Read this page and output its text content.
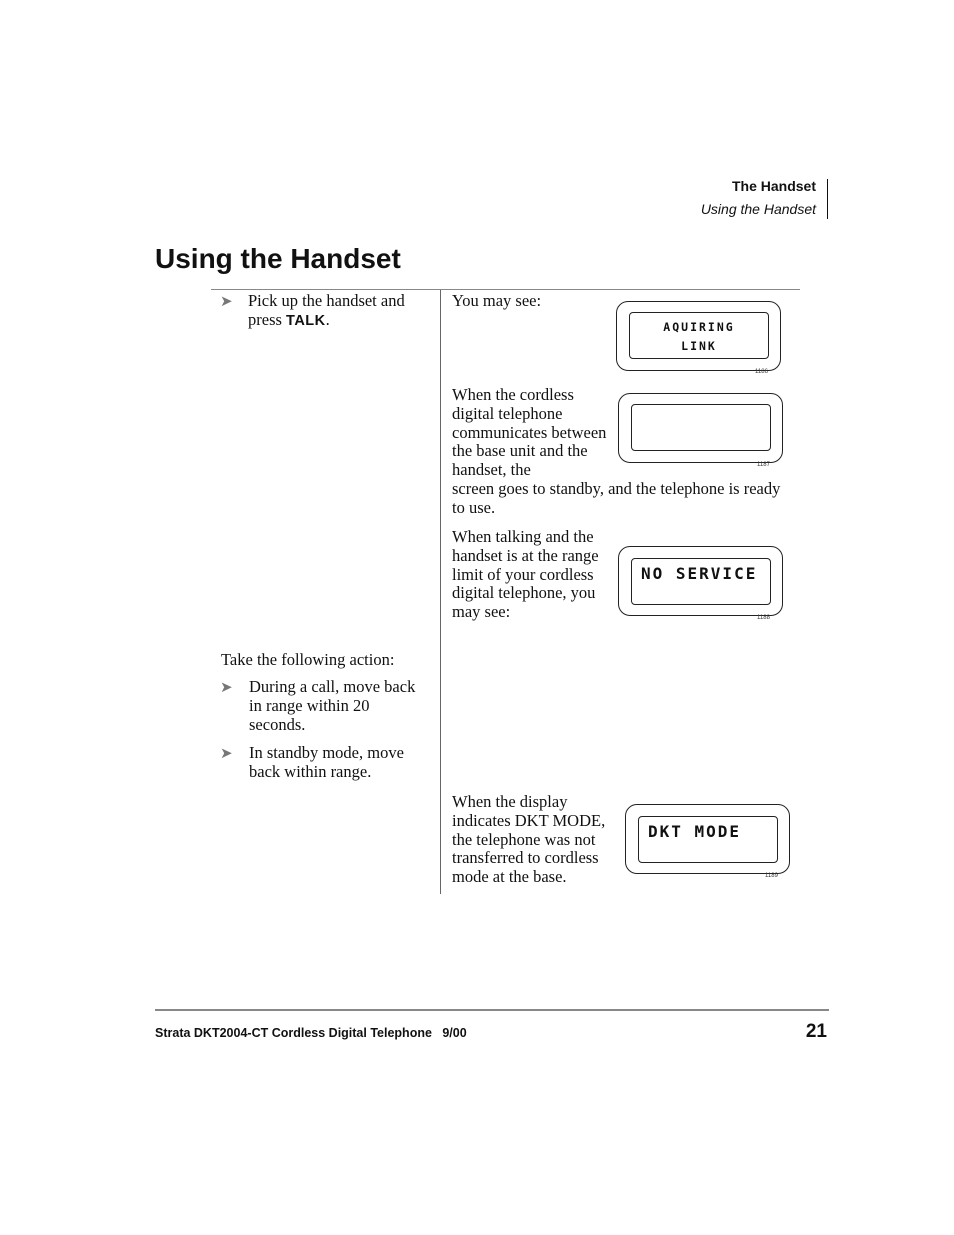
The Handset
Using the Handset
Using the Handset
➤ Pick up the handset and press TALK.
Take the following action:
➤ During a call, move back in range within 20 seconds.
➤ In standby mode, move back within range.
You may see:
AQUIRING
LINK
1186
When the cordless digital telephone communicates between the base unit and the handset, the
screen goes to standby, and the telephone is ready to use.
1187
When talking and the handset is at the range limit of your cordless digital telephone, you may see:
NO SERVICE
1188
When the display indicates DKT MODE, the telephone was not transferred to cordless mode at the base.
DKT MODE
1189
Strata DKT2004-CT Cordless Digital Telephone   9/00	21
